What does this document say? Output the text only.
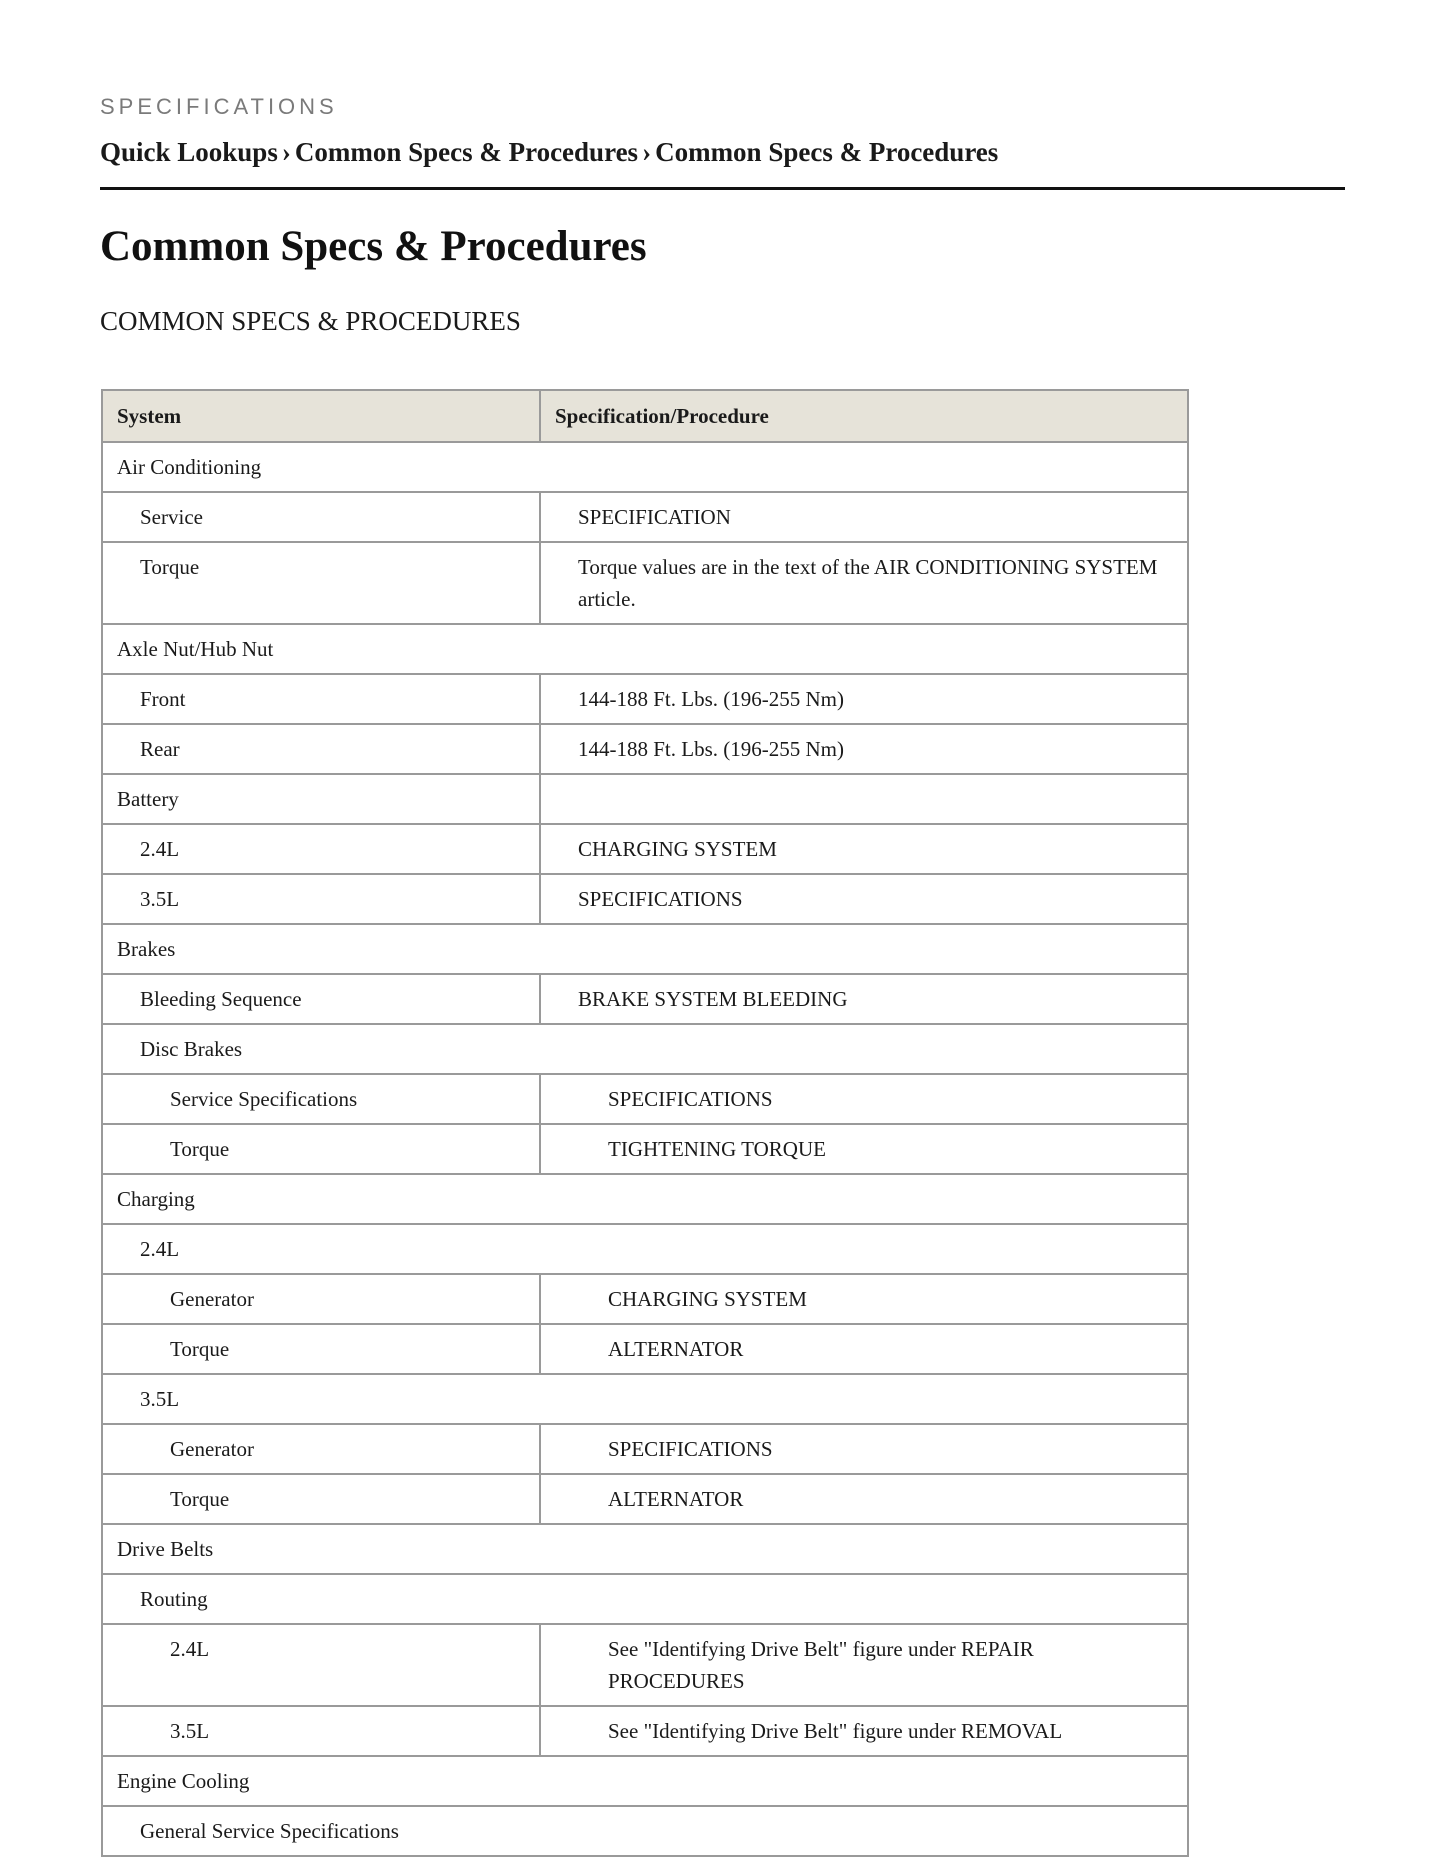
SPECIFICATIONS
Quick Lookups › Common Specs & Procedures › Common Specs & Procedures
Common Specs & Procedures
COMMON SPECS & PROCEDURES
System	Specification/Procedure
Air Conditioning	
Service	SPECIFICATION
Torque	Torque values are in the text of the AIR CONDITIONING SYSTEM article.
Axle Nut/Hub Nut	
Front	144-188 Ft. Lbs. (196-255 Nm)
Rear	144-188 Ft. Lbs. (196-255 Nm)
Battery	
2.4L	CHARGING SYSTEM
3.5L	SPECIFICATIONS
Brakes	
Bleeding Sequence	BRAKE SYSTEM BLEEDING
Disc Brakes	
Service Specifications	SPECIFICATIONS
Torque	TIGHTENING TORQUE
Charging	
2.4L	
Generator	CHARGING SYSTEM
Torque	ALTERNATOR
3.5L	
Generator	SPECIFICATIONS
Torque	ALTERNATOR
Drive Belts	
Routing	
2.4L	See "Identifying Drive Belt" figure under REPAIR PROCEDURES
3.5L	See "Identifying Drive Belt" figure under REMOVAL
Engine Cooling	
General Service Specifications	
